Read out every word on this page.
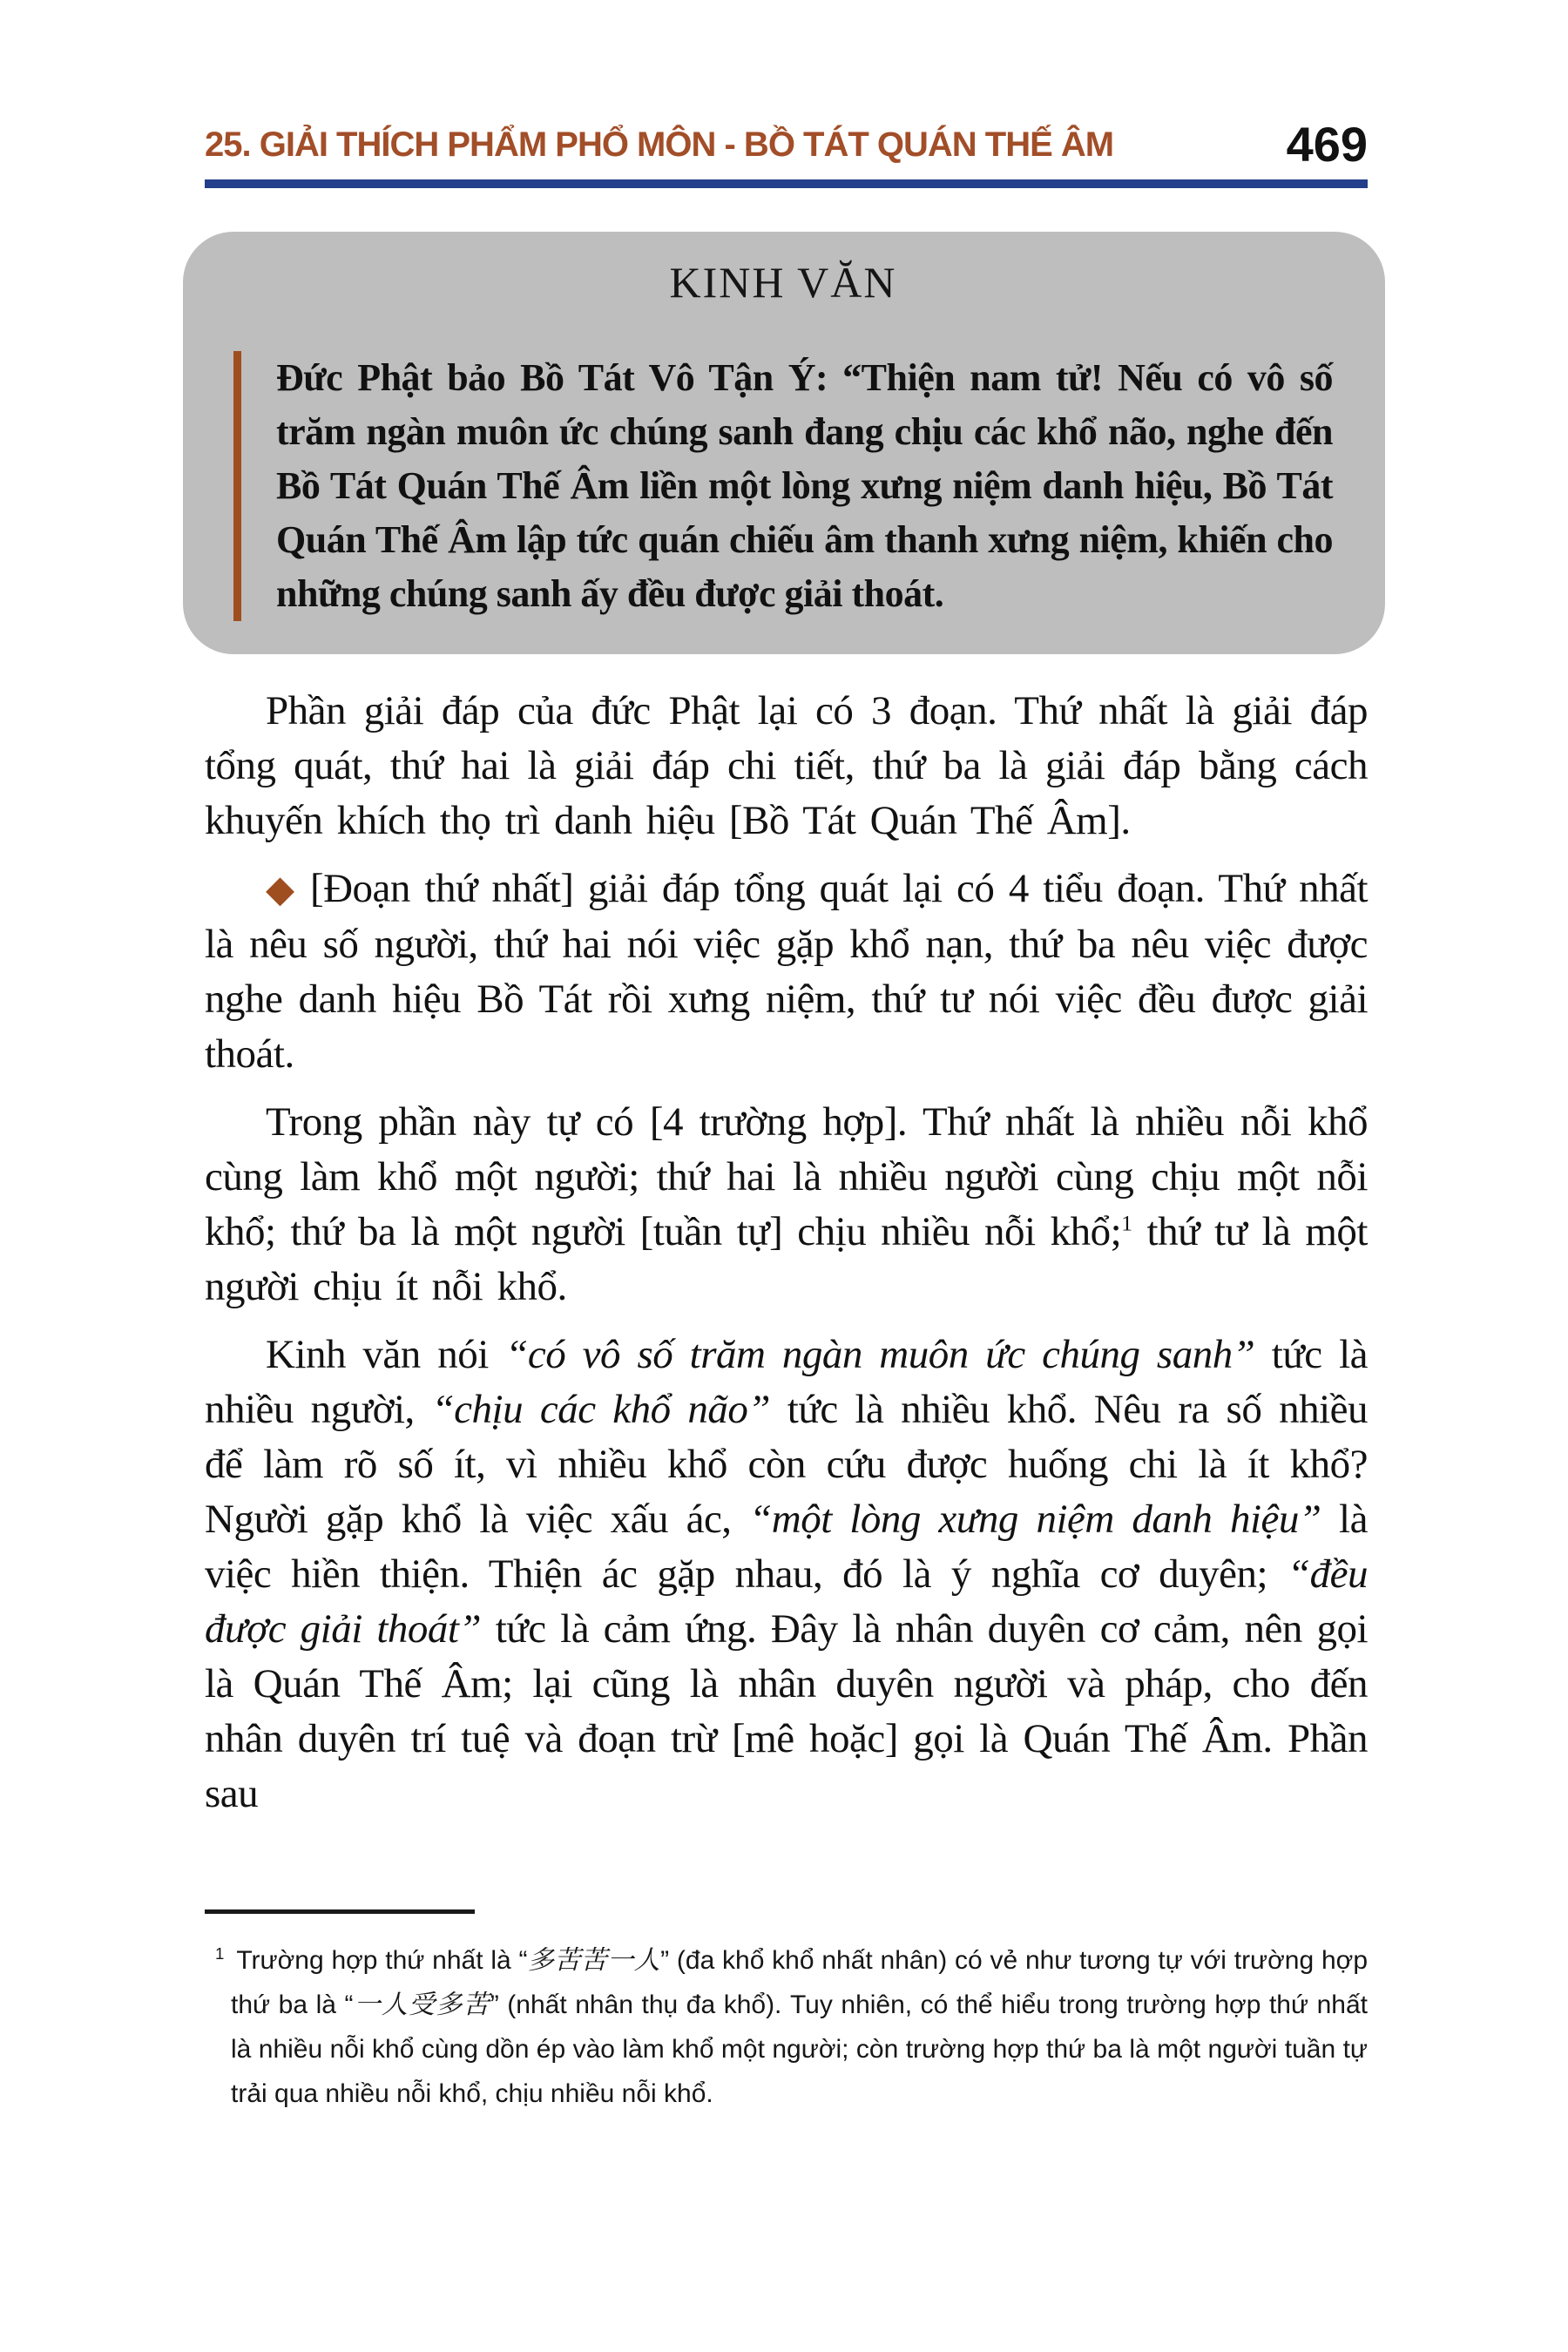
25. GIẢI THÍCH PHẨM PHỔ MÔN - BỒ TÁT QUÁN THẾ ÂM	469
KINH VĂN
Đức Phật bảo Bồ Tát Vô Tận Ý: “Thiện nam tử! Nếu có vô số trăm ngàn muôn ức chúng sanh đang chịu các khổ não, nghe đến Bồ Tát Quán Thế Âm liền một lòng xưng niệm danh hiệu, Bồ Tát Quán Thế Âm lập tức quán chiếu âm thanh xưng niệm, khiến cho những chúng sanh ấy đều được giải thoát.

Phần giải đáp của đức Phật lại có 3 đoạn. Thứ nhất là giải đáp tổng quát, thứ hai là giải đáp chi tiết, thứ ba là giải đáp bằng cách khuyến khích thọ trì danh hiệu [Bồ Tát Quán Thế Âm].

◆ [Đoạn thứ nhất] giải đáp tổng quát lại có 4 tiểu đoạn. Thứ nhất là nêu số người, thứ hai nói việc gặp khổ nạn, thứ ba nêu việc được nghe danh hiệu Bồ Tát rồi xưng niệm, thứ tư nói việc đều được giải thoát.

Trong phần này tự có [4 trường hợp]. Thứ nhất là nhiều nỗi khổ cùng làm khổ một người; thứ hai là nhiều người cùng chịu một nỗi khổ; thứ ba là một người [tuần tự] chịu nhiều nỗi khổ;$^1$ thứ tư là một người chịu ít nỗi khổ.

Kinh văn nói “có vô số trăm ngàn muôn ức chúng sanh” tức là nhiều người, “chịu các khổ não” tức là nhiều khổ. Nêu ra số nhiều để làm rõ số ít, vì nhiều khổ còn cứu được huống chi là ít khổ? Người gặp khổ là việc xấu ác, “một lòng xưng niệm danh hiệu” là việc hiền thiện. Thiện ác gặp nhau, đó là ý nghĩa cơ duyên; “đều được giải thoát” tức là cảm ứng. Đây là nhân duyên cơ cảm, nên gọi là Quán Thế Âm; lại cũng là nhân duyên người và pháp, cho đến nhân duyên trí tuệ và đoạn trừ [mê hoặc] gọi là Quán Thế Âm. Phần sau

$^1$ Trường hợp thứ nhất là “多苦苦一人” (đa khổ khổ nhất nhân) có vẻ như tương tự với trường hợp thứ ba là “一人受多苦” (nhất nhân thụ đa khổ). Tuy nhiên, có thể hiểu trong trường hợp thứ nhất là nhiều nỗi khổ cùng dồn ép vào làm khổ một người; còn trường hợp thứ ba là một người tuần tự trải qua nhiều nỗi khổ, chịu nhiều nỗi khổ.
